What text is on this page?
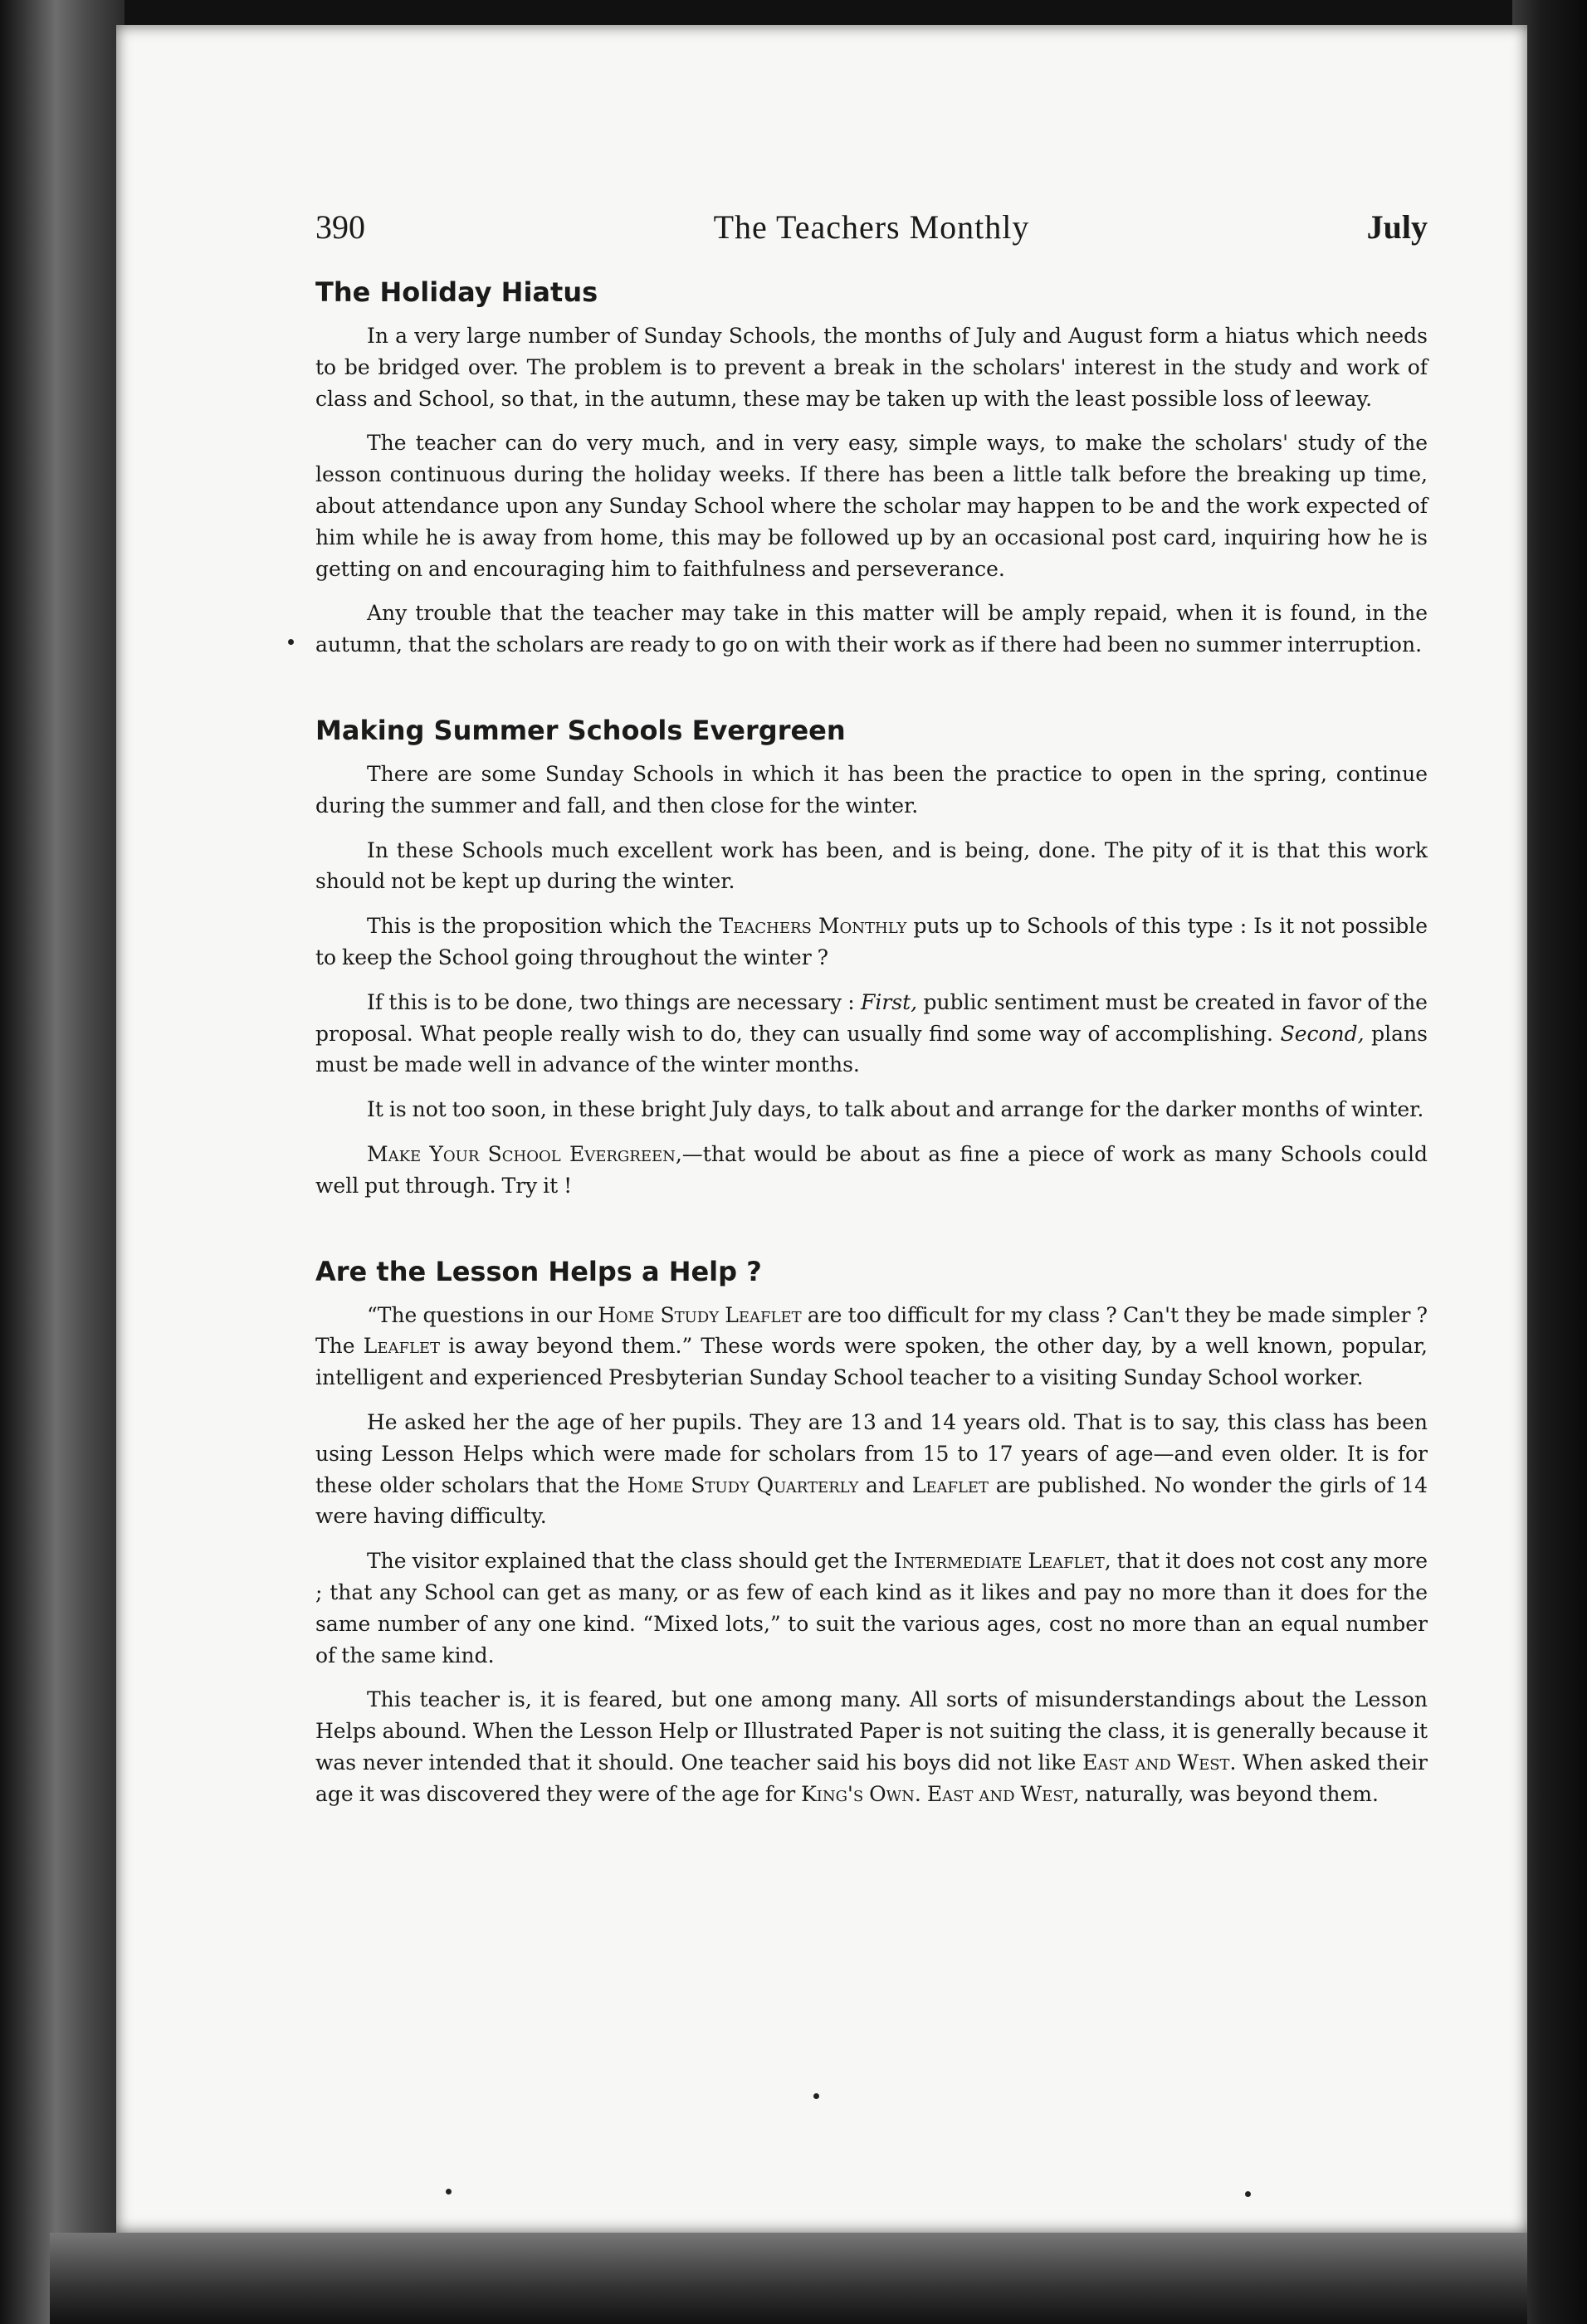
390	The Teachers Monthly	July
The Holiday Hiatus

In a very large number of Sunday Schools, the months of July and August form a hiatus which needs to be bridged over. The problem is to prevent a break in the scholars' interest in the study and work of class and School, so that, in the autumn, these may be taken up with the least possible loss of leeway.

The teacher can do very much, and in very easy, simple ways, to make the scholars' study of the lesson continuous during the holiday weeks. If there has been a little talk before the breaking up time, about attendance upon any Sunday School where the scholar may happen to be and the work expected of him while he is away from home, this may be followed up by an occasional post card, inquiring how he is getting on and encouraging him to faithfulness and perseverance.

Any trouble that the teacher may take in this matter will be amply repaid, when it is found, in the autumn, that the scholars are ready to go on with their work as if there had been no summer interruption.

Making Summer Schools Evergreen

There are some Sunday Schools in which it has been the practice to open in the spring, continue during the summer and fall, and then close for the winter.

In these Schools much excellent work has been, and is being, done. The pity of it is that this work should not be kept up during the winter.

This is the proposition which the Teachers Monthly puts up to Schools of this type : Is it not possible to keep the School going throughout the winter ?

If this is to be done, two things are necessary : First, public sentiment must be created in favor of the proposal. What people really wish to do, they can usually find some way of accomplishing. Second, plans must be made well in advance of the winter months.

It is not too soon, in these bright July days, to talk about and arrange for the darker months of winter.

Make Your School Evergreen,—that would be about as fine a piece of work as many Schools could well put through. Try it !

Are the Lesson Helps a Help ?

“The questions in our Home Study Leaflet are too difficult for my class ? Can't they be made simpler ? The Leaflet is away beyond them.” These words were spoken, the other day, by a well known, popular, intelligent and experienced Presbyterian Sunday School teacher to a visiting Sunday School worker.

He asked her the age of her pupils. They are 13 and 14 years old. That is to say, this class has been using Lesson Helps which were made for scholars from 15 to 17 years of age—and even older. It is for these older scholars that the Home Study Quarterly and Leaflet are published. No wonder the girls of 14 were having difficulty.

The visitor explained that the class should get the Intermediate Leaflet, that it does not cost any more ; that any School can get as many, or as few of each kind as it likes and pay no more than it does for the same number of any one kind. “Mixed lots,” to suit the various ages, cost no more than an equal number of the same kind.

This teacher is, it is feared, but one among many. All sorts of misunderstandings about the Lesson Helps abound. When the Lesson Help or Illustrated Paper is not suiting the class, it is generally because it was never intended that it should. One teacher said his boys did not like East and West. When asked their age it was discovered they were of the age for King's Own. East and West, naturally, was beyond them.
